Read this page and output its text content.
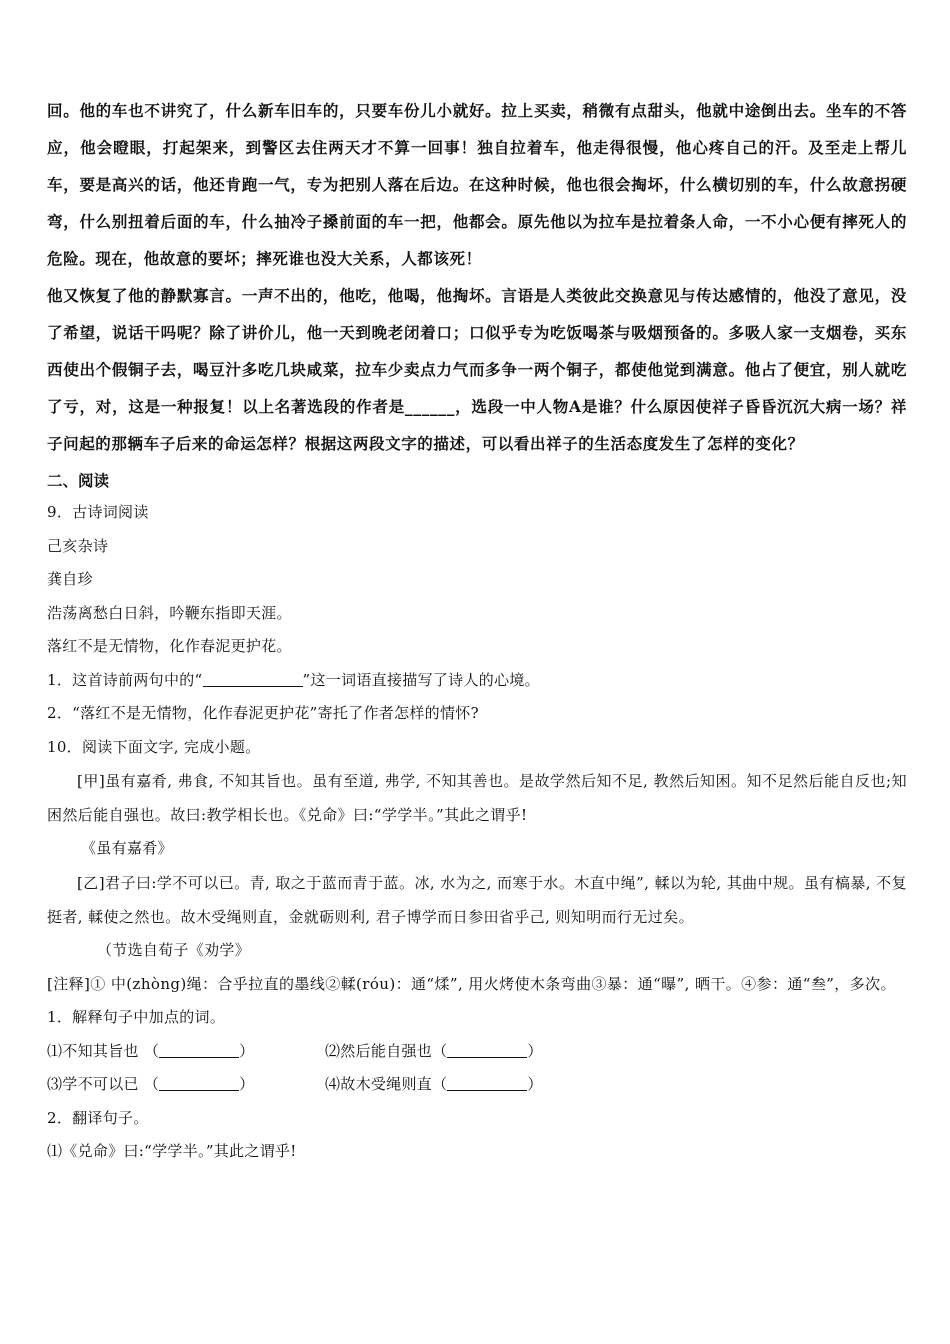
回。他的车也不讲究了，什么新车旧车的，只要车份儿小就好。拉上买卖，稍微有点甜头，他就中途倒出去。坐车的不答应，他会瞪眼，打起架来，到警区去住两天才不算一回事！独自拉着车，他走得很慢，他心疼自己的汗。及至走上帮儿车，要是高兴的话，他还肯跑一气，专为把别人落在后边。在这种时候，他也很会掏坏，什么横切别的车，什么故意拐硬弯，什么别扭着后面的车，什么抽冷子搡前面的车一把，他都会。原先他以为拉车是拉着条人命，一不小心便有摔死人的危险。现在，他故意的要坏；摔死谁也没大关系，人都该死！

他又恢复了他的静默寡言。一声不出的，他吃，他喝，他掏坏。言语是人类彼此交换意见与传达感情的，他没了意见，没了希望，说话干吗呢？除了讲价儿，他一天到晚老闭着口；口似乎专为吃饭喝茶与吸烟预备的。多吸人家一支烟卷，买东西使出个假铜子去，喝豆汁多吃几块咸菜，拉车少卖点力气而多争一两个铜子，都使他觉到满意。他占了便宜，别人就吃了亏，对，这是一种报复！以上名著选段的作者是______，选段一中人物A是谁？什么原因使祥子昏昏沉沉大病一场？祥子问起的那辆车子后来的命运怎样？根据这两段文字的描述，可以看出祥子的生活态度发生了怎样的变化？

二、阅读

9．古诗词阅读

己亥杂诗

龚自珍

浩荡离愁白日斜，吟鞭东指即天涯。

落红不是无情物，化作春泥更护花。

1．这首诗前两句中的“	”这一词语直接描写了诗人的心境。

2．“落红不是无情物，化作春泥更护花”寄托了作者怎样的情怀?

10．阅读下面文字, 完成小题。

[甲]虽有嘉肴, 弗食, 不知其旨也。虽有至道, 弗学, 不知其善也。是故学然后知不足, 教然后知困。知不足然后能自反也;知困然后能自强也。故曰:教学相长也。《兑命》曰:“学学半。”其此之谓乎!

《虽有嘉肴》

[乙]君子曰:学不可以已。青, 取之于蓝而青于蓝。冰, 水为之, 而寒于水。木直中绳”, 輮以为轮, 其曲中规。虽有槁暴, 不复挺者, 輮使之然也。故木受绳则直，金就砺则利, 君子博学而日参田省乎己, 则知明而行无过矣。

（节选自荀子《劝学》

[注释]① 中(zhòng)绳：合乎拉直的墨线②輮(róu)：通“煣”, 用火烤使木条弯曲③暴：通“曝”, 晒干。④参：通“叁”，多次。

1．解释句子中加点的词。

⑴不知其旨也 （	）	⑵然后能自强也（	）

⑶学不可以已 （	）	⑷故木受绳则直（	）

2．翻译句子。

⑴《兑命》曰:“学学半。”其此之谓乎!
